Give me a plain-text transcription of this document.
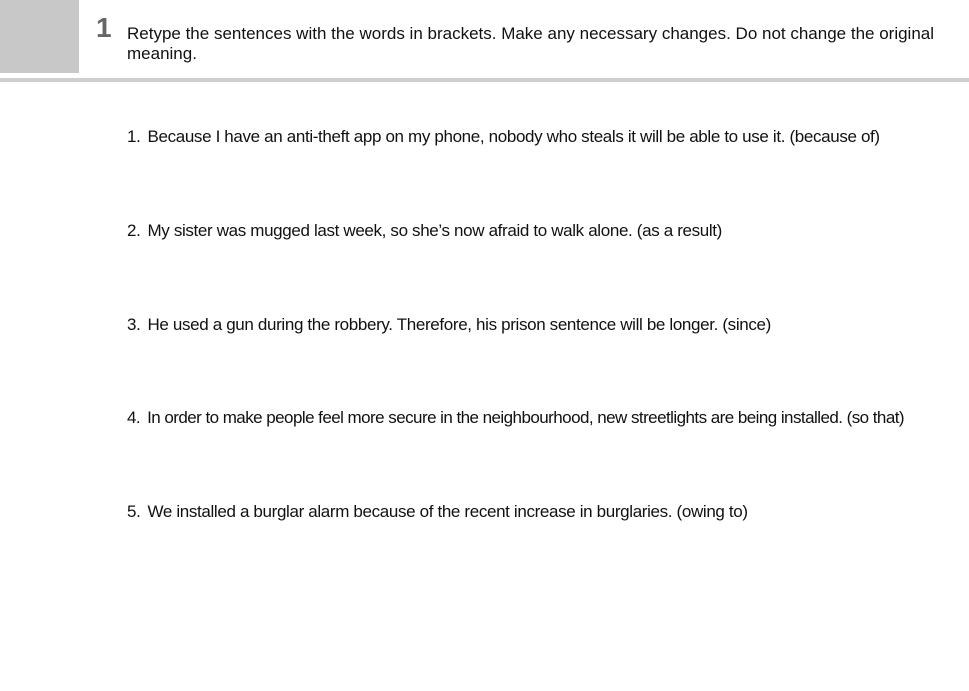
1 Retype the sentences with the words in brackets. Make any necessary changes. Do not change the original meaning.
1. Because I have an anti-theft app on my phone, nobody who steals it will be able to use it. (because of)
2. My sister was mugged last week, so she’s now afraid to walk alone. (as a result)
3. He used a gun during the robbery. Therefore, his prison sentence will be longer. (since)
4. In order to make people feel more secure in the neighbourhood, new streetlights are being installed. (so that)
5. We installed a burglar alarm because of the recent increase in burglaries. (owing to)
